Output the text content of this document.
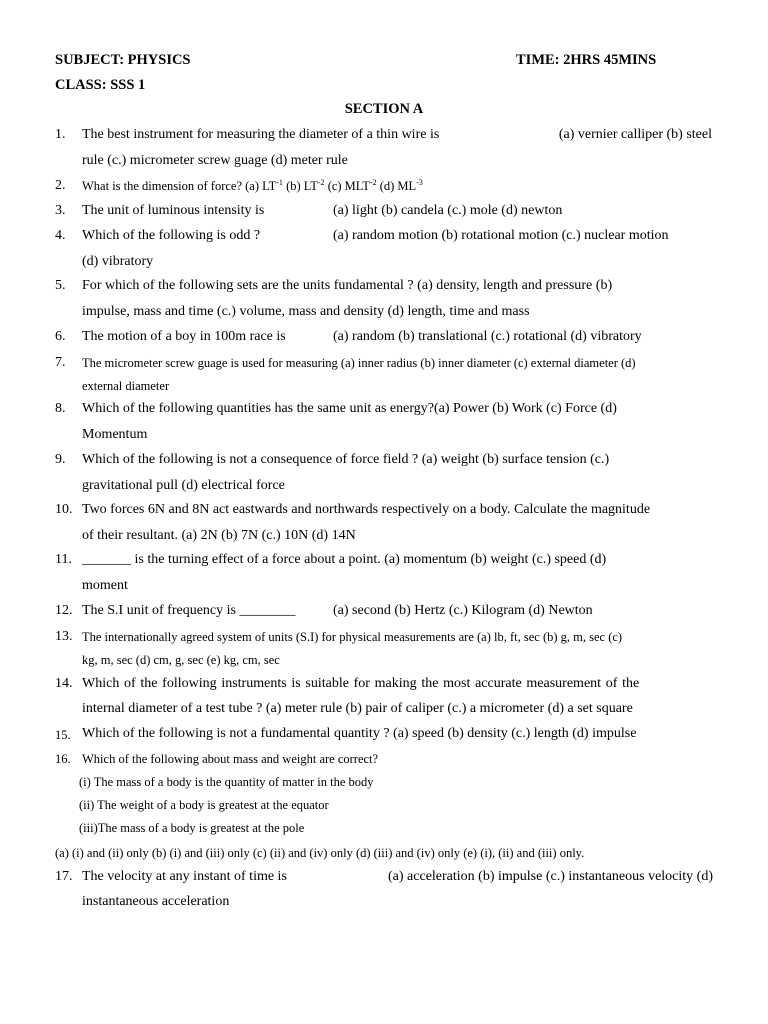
SUBJECT: PHYSICS	TIME: 2HRS 45MINS
CLASS: SSS 1
SECTION A
1. The best instrument for measuring the diameter of a thin wire is	(a) vernier calliper (b) steel
rule (c.) micrometer screw guage (d) meter rule
2. What is the dimension of force? (a) $LT^{-1}$ (b) $LT^{-2}$ (c) $MLT^{-2}$ (d) $ML^{-3}$
3. The unit of luminous intensity is	(a) light (b) candela (c.) mole (d) newton
4. Which of the following is odd ?	(a) random motion (b) rotational motion (c.) nuclear motion
(d) vibratory
5. For which of the following sets are the units fundamental ? (a) density, length and pressure (b)
impulse, mass and time (c.) volume, mass and density (d) length, time and mass
6. The motion of a boy in 100m race is	(a) random (b) translational (c.) rotational (d) vibratory
7. The micrometer screw guage is used for measuring (a) inner radius (b) inner diameter (c) external diameter (d)
external diameter
8. Which of the following quantities has the same unit as energy?(a) Power (b) Work (c) Force (d)
Momentum
9. Which of the following is not a consequence of force field ? (a) weight (b) surface tension (c.)
gravitational pull (d) electrical force
10. Two forces 6N and 8N act eastwards and northwards respectively on a body. Calculate the magnitude
of their resultant. (a) 2N (b) 7N (c.) 10N (d) 14N
11. _______ is the turning effect of a force about a point. (a) momentum (b) weight (c.) speed (d)
moment
12. The S.I unit of frequency is ________	(a) second (b) Hertz (c.) Kilogram (d) Newton
13. The internationally agreed system of units (S.I) for physical measurements are (a) lb, ft, sec (b) g, m, sec (c)
kg, m, sec (d) cm, g, sec (e) kg, cm, sec
14. Which of the following instruments is suitable for making the most accurate measurement of the
internal diameter of a test tube ? (a) meter rule (b) pair of caliper (c.) a micrometer (d) a set square
15. Which of the following is not a fundamental quantity ? (a) speed (b) density (c.) length (d) impulse
16. Which of the following about mass and weight are correct?
(i) The mass of a body is the quantity of matter in the body
(ii) The weight of a body is greatest at the equator
(iii)The mass of a body is greatest at the pole
(a) (i) and (ii) only (b) (i) and (iii) only (c) (ii) and (iv) only (d) (iii) and (iv) only (e) (i), (ii) and (iii) only.
17. The velocity at any instant of time is	(a) acceleration (b) impulse (c.) instantaneous velocity (d)
instantaneous acceleration
